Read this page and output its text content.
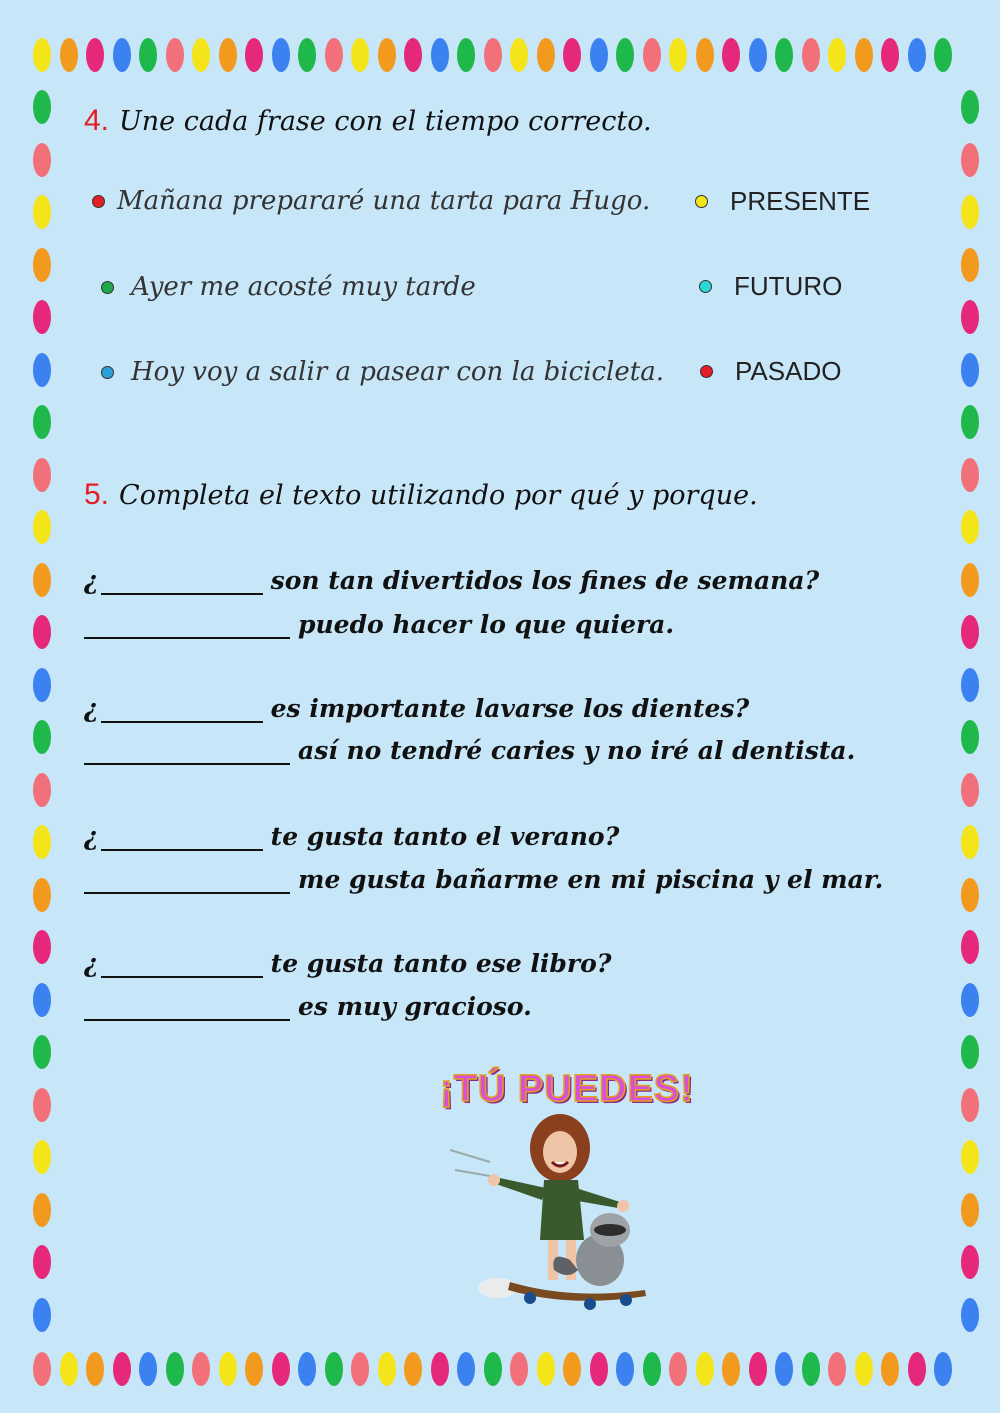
4. Une cada frase con el tiempo correcto.
Mañana prepararé una tarta para Hugo.
Ayer me acosté muy tarde
Hoy voy a salir a pasear con la bicicleta.
PRESENTE
FUTURO
PASADO
5. Completa el texto utilizando por qué y porque.
¿	son tan divertidos los fines de semana?
puedo hacer lo que quiera.
¿	es importante lavarse los dientes?
así no tendré caries y no iré al dentista.
¿	te gusta tanto el verano?
me gusta bañarme en mi piscina y el mar.
¿	te gusta tanto ese libro?
es muy gracioso.
¡TÚ PUEDES!
